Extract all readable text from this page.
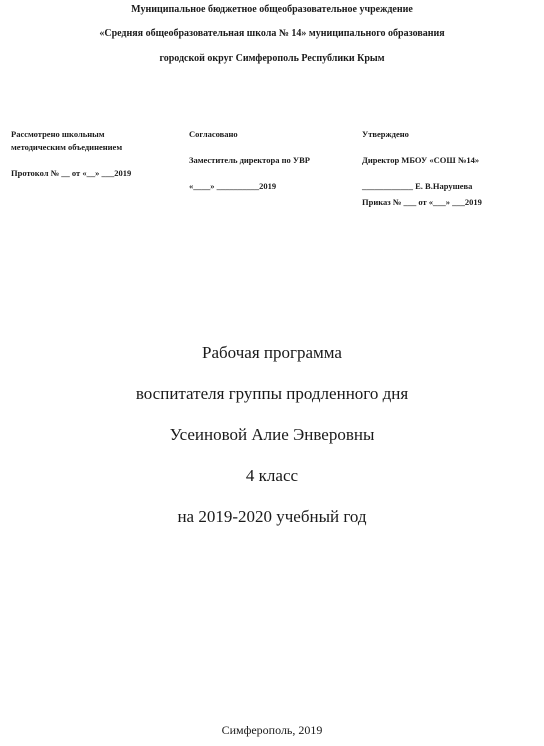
Муниципальное бюджетное общеобразовательное учреждение
«Средняя общеобразовательная школа № 14» муниципального образования
городской округ Симферополь Республики Крым
Рассмотрено школьным
методическим объединением
Протокол № __ от «__» ___2019
Согласовано
Заместитель директора по УВР
«____» __________2019
Утверждено
Директор МБОУ «СОШ №14»
____________ Е. В.Нарушева
Приказ № ___ от «___» ___2019
Рабочая программа
воспитателя группы продленного дня
Усеиновой Алие Энверовны
4 класс
на 2019-2020 учебный год
Симферополь, 2019
